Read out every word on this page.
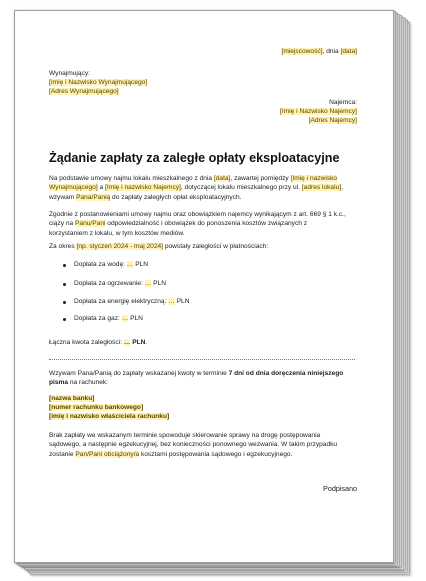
[miejscowość], dnia [data]
Wynajmujący:
[Imię i Nazwisko Wynajmującego]
[Adres Wynajmującego]
Najemca:
[Imię i Nazwisko Najemcy]
[Adres Najemcy]
Żądanie zapłaty za zaległe opłaty eksploatacyjne
Na podstawie umowy najmu lokalu mieszkalnego z dnia [data], zawartej pomiędzy [Imię i nazwisko
Wynajmującego] a [Imię i nazwisko Najemcy], dotyczącej lokalu mieszkalnego przy ul. [adres lokalu],
wzywam Pana/Panią do zapłaty zaległych opłat eksploatacyjnych.
Zgodnie z postanowieniami umowy najmu oraz obowiązkiem najemcy wynikającym z art. 669 § 1 k.c.,
ciąży na Panu/Pani odpowiedzialność i obowiązek do ponoszenia kosztów związanych z
korzystaniem z lokalu, w tym kosztów mediów.
Za okres [np. styczeń 2024 - maj 2024] powstały zaległości w płatnościach:
Dopłata za wodę: … PLN
Dopłata za ogrzewanie: … PLN
Dopłata za energię elektryczną: … PLN
Dopłata za gaz: … PLN
Łączna kwota zaległości: … PLN.
Wzywam Pana/Panią do zapłaty wskazanej kwoty w terminie 7 dni od dnia doręczenia niniejszego
pisma na rachunek:
[nazwa banku]
[numer rachunku bankowego]
[imię i nazwisko właściciela rachunku]
Brak zapłaty we wskazanym terminie spowoduje skierowanie sprawy na drogę postępowania
sądowego, a następnie egzekucyjnej, bez konieczności ponownego wezwania. W takim przypadku
zostanie Pan/Pani obciążony/a kosztami postępowania sądowego i egzekucyjnego.
Podpisano
